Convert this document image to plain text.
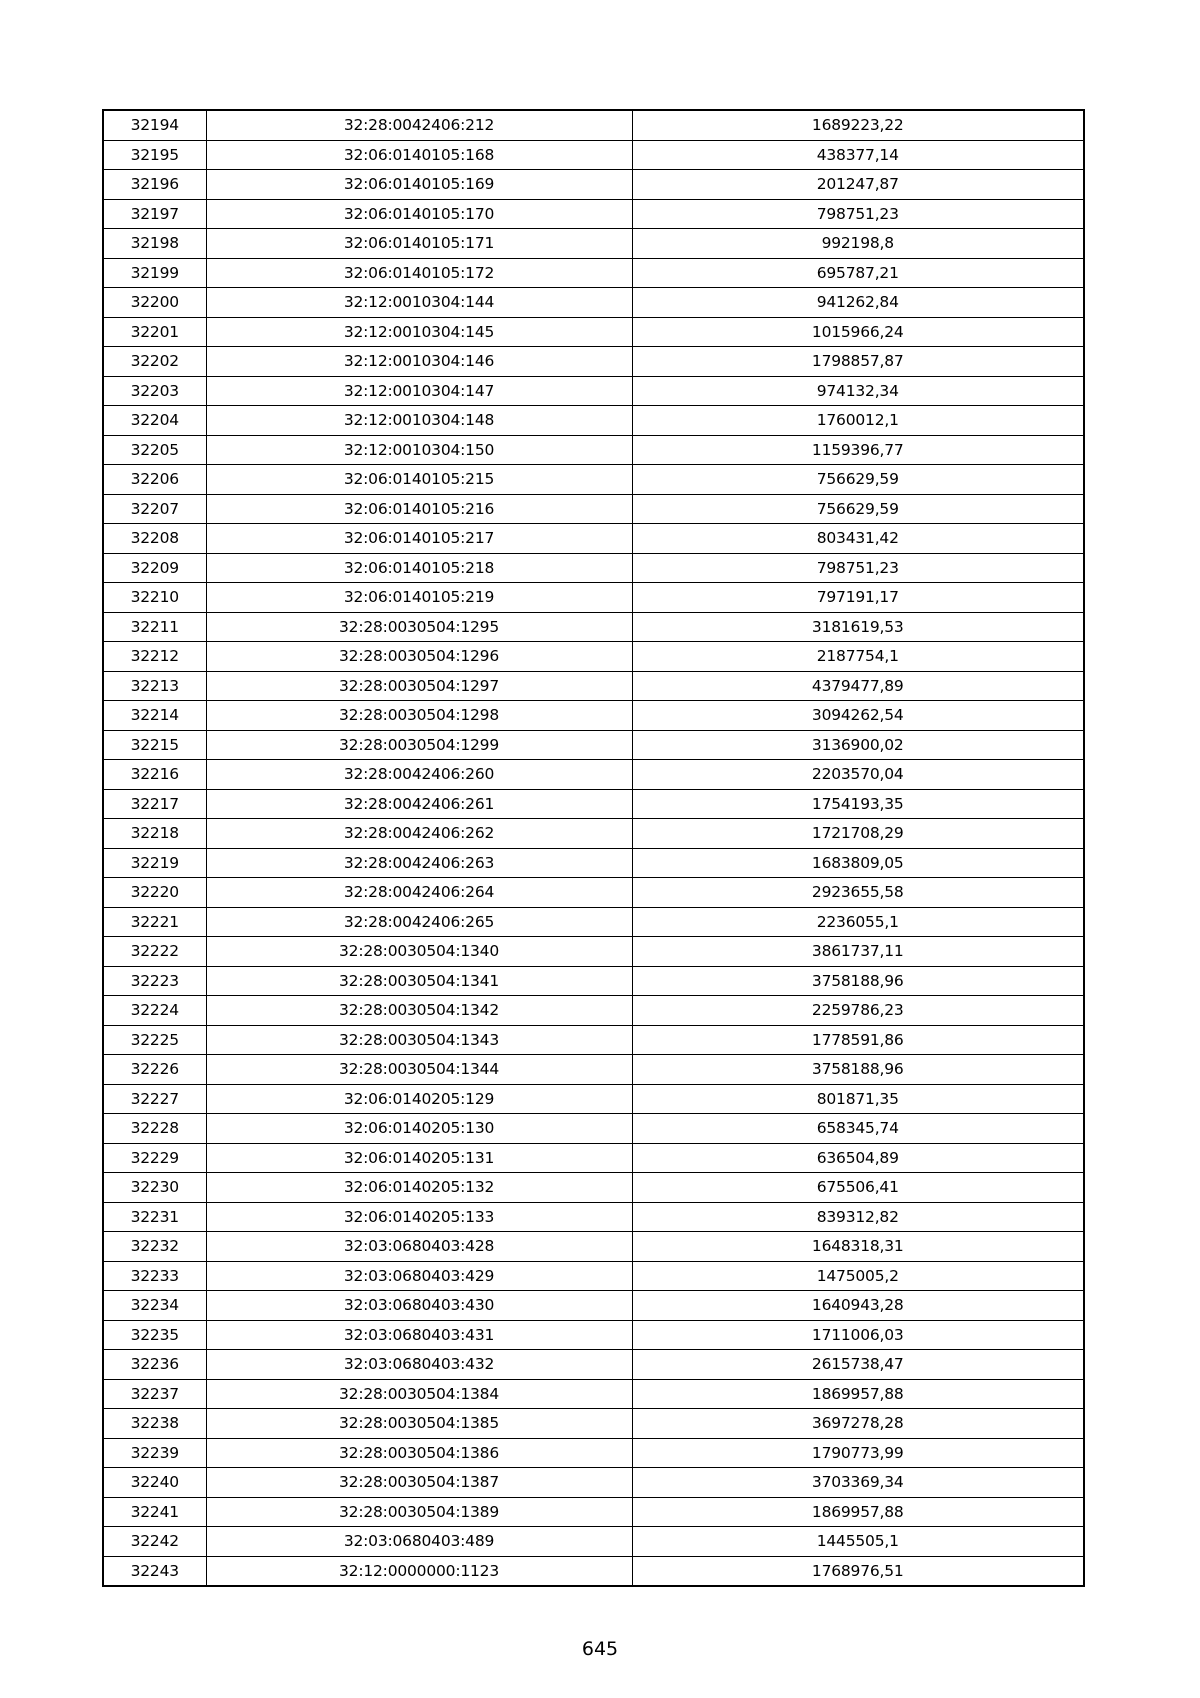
32194	32:28:0042406:212	1689223,22
32195	32:06:0140105:168	438377,14
32196	32:06:0140105:169	201247,87
32197	32:06:0140105:170	798751,23
32198	32:06:0140105:171	992198,8
32199	32:06:0140105:172	695787,21
32200	32:12:0010304:144	941262,84
32201	32:12:0010304:145	1015966,24
32202	32:12:0010304:146	1798857,87
32203	32:12:0010304:147	974132,34
32204	32:12:0010304:148	1760012,1
32205	32:12:0010304:150	1159396,77
32206	32:06:0140105:215	756629,59
32207	32:06:0140105:216	756629,59
32208	32:06:0140105:217	803431,42
32209	32:06:0140105:218	798751,23
32210	32:06:0140105:219	797191,17
32211	32:28:0030504:1295	3181619,53
32212	32:28:0030504:1296	2187754,1
32213	32:28:0030504:1297	4379477,89
32214	32:28:0030504:1298	3094262,54
32215	32:28:0030504:1299	3136900,02
32216	32:28:0042406:260	2203570,04
32217	32:28:0042406:261	1754193,35
32218	32:28:0042406:262	1721708,29
32219	32:28:0042406:263	1683809,05
32220	32:28:0042406:264	2923655,58
32221	32:28:0042406:265	2236055,1
32222	32:28:0030504:1340	3861737,11
32223	32:28:0030504:1341	3758188,96
32224	32:28:0030504:1342	2259786,23
32225	32:28:0030504:1343	1778591,86
32226	32:28:0030504:1344	3758188,96
32227	32:06:0140205:129	801871,35
32228	32:06:0140205:130	658345,74
32229	32:06:0140205:131	636504,89
32230	32:06:0140205:132	675506,41
32231	32:06:0140205:133	839312,82
32232	32:03:0680403:428	1648318,31
32233	32:03:0680403:429	1475005,2
32234	32:03:0680403:430	1640943,28
32235	32:03:0680403:431	1711006,03
32236	32:03:0680403:432	2615738,47
32237	32:28:0030504:1384	1869957,88
32238	32:28:0030504:1385	3697278,28
32239	32:28:0030504:1386	1790773,99
32240	32:28:0030504:1387	3703369,34
32241	32:28:0030504:1389	1869957,88
32242	32:03:0680403:489	1445505,1
32243	32:12:0000000:1123	1768976,51
645
